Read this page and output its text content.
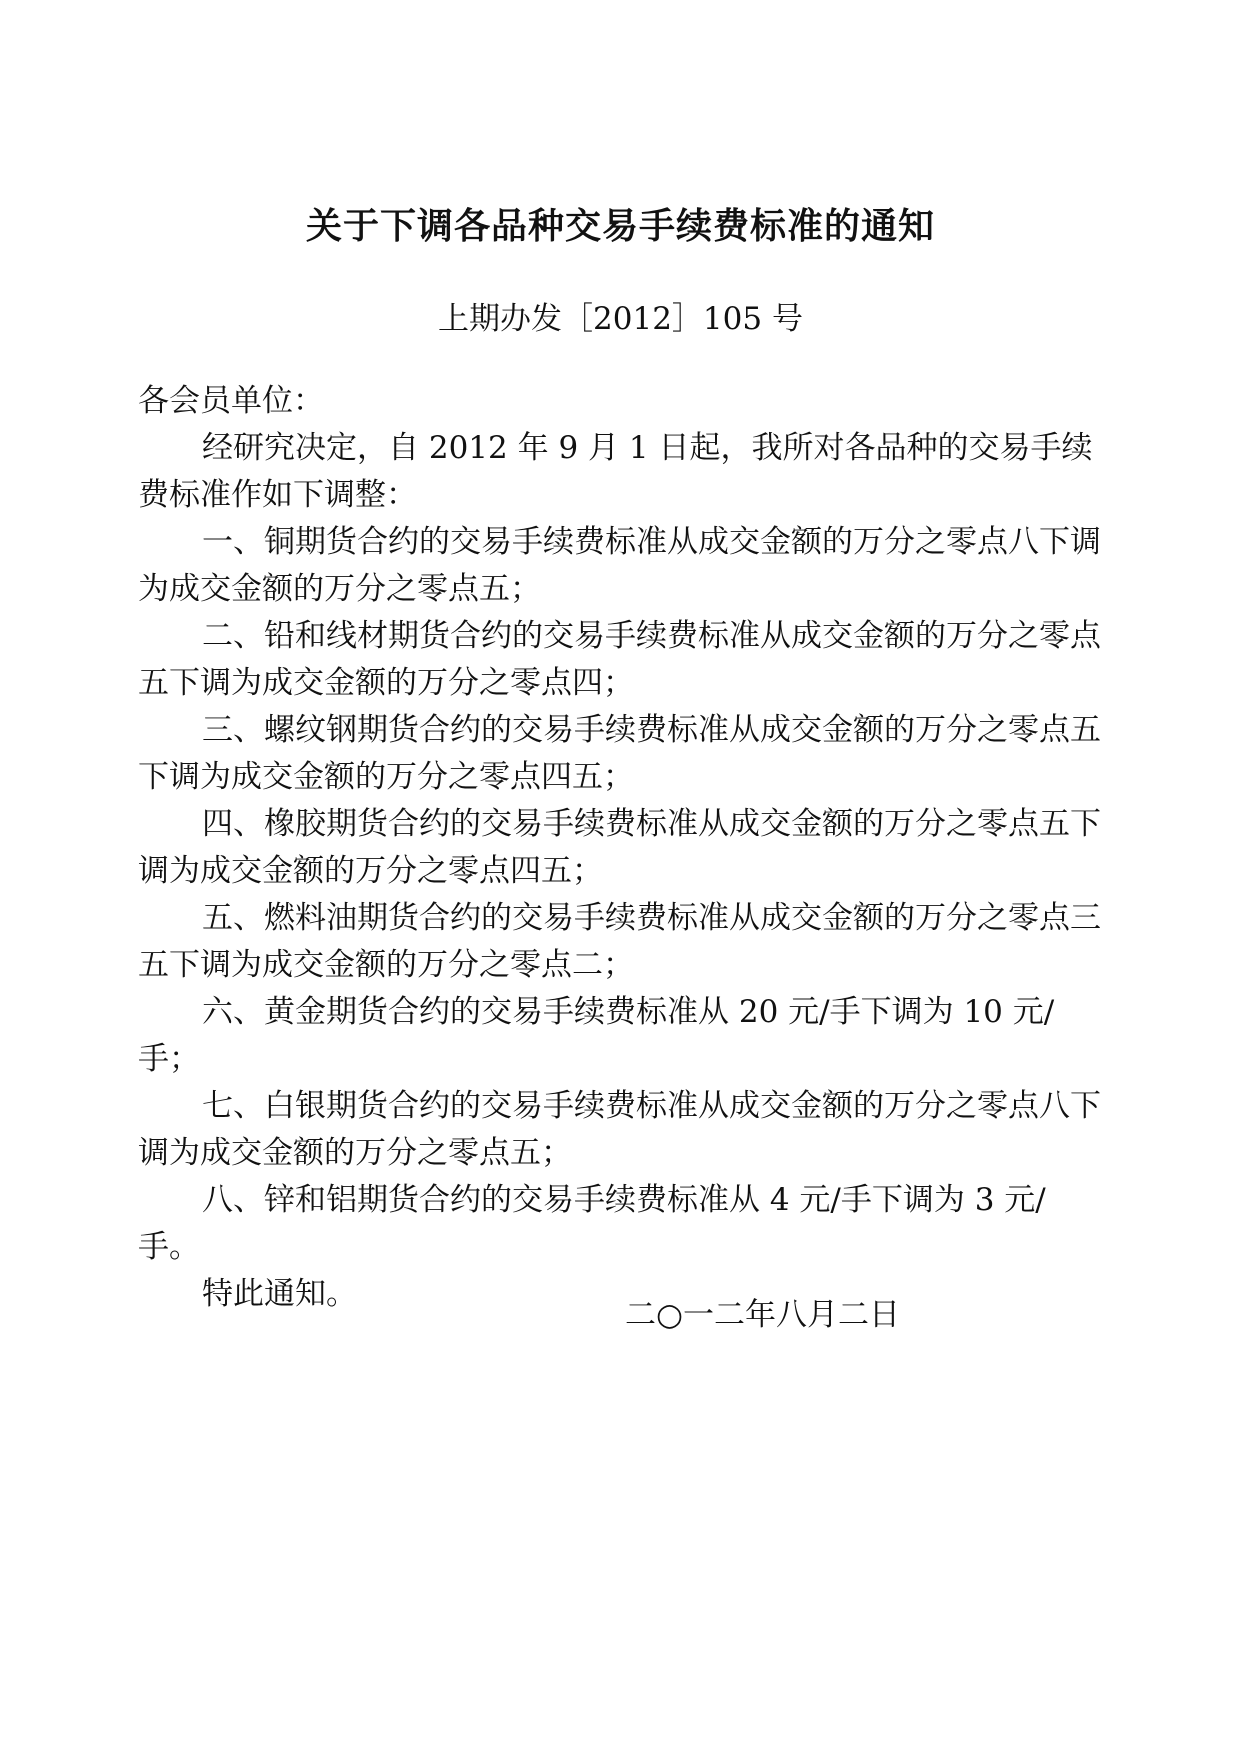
关于下调各品种交易手续费标准的通知
上期办发［2012］105 号

各会员单位：

经研究决定，自 2012 年 9 月 1 日起，我所对各品种的交易手续费标准作如下调整：

一、铜期货合约的交易手续费标准从成交金额的万分之零点八下调为成交金额的万分之零点五；

二、铅和线材期货合约的交易手续费标准从成交金额的万分之零点五下调为成交金额的万分之零点四；

三、螺纹钢期货合约的交易手续费标准从成交金额的万分之零点五下调为成交金额的万分之零点四五；

四、橡胶期货合约的交易手续费标准从成交金额的万分之零点五下调为成交金额的万分之零点四五；

五、燃料油期货合约的交易手续费标准从成交金额的万分之零点三五下调为成交金额的万分之零点二；

六、黄金期货合约的交易手续费标准从 20 元/手下调为 10 元/手；

七、白银期货合约的交易手续费标准从成交金额的万分之零点八下调为成交金额的万分之零点五；

八、锌和铝期货合约的交易手续费标准从 4 元/手下调为 3 元/手。

特此通知。

二○一二年八月二日
